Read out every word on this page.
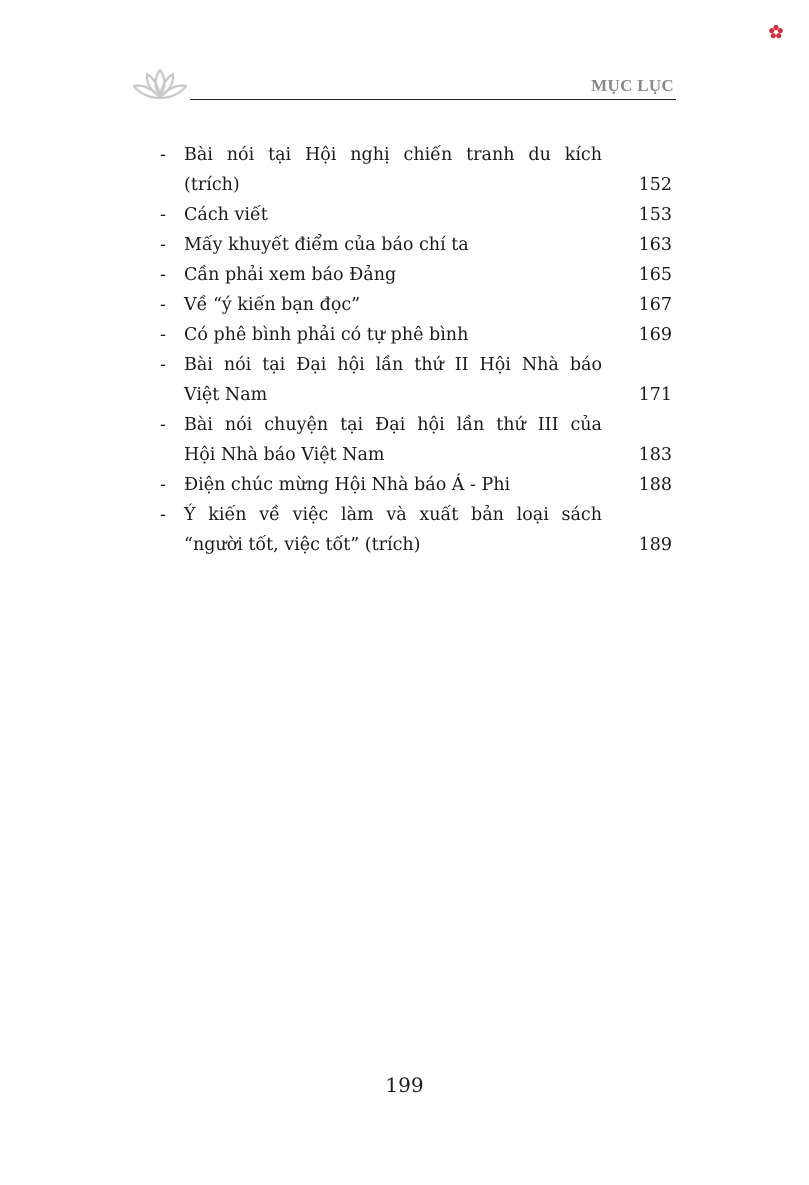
MỤC LỤC
- Bài nói tại Hội nghị chiến tranh du kích
(trích)	152
- Cách viết	153
- Mấy khuyết điểm của báo chí ta	163
- Cần phải xem báo Đảng	165
- Về “ý kiến bạn đọc”	167
- Có phê bình phải có tự phê bình	169
- Bài nói tại Đại hội lần thứ II Hội Nhà báo
Việt Nam	171
- Bài nói chuyện tại Đại hội lần thứ III của
Hội Nhà báo Việt Nam	183
- Điện chúc mừng Hội Nhà báo Á - Phi	188
- Ý kiến về việc làm và xuất bản loại sách
“người tốt, việc tốt” (trích)	189
199
